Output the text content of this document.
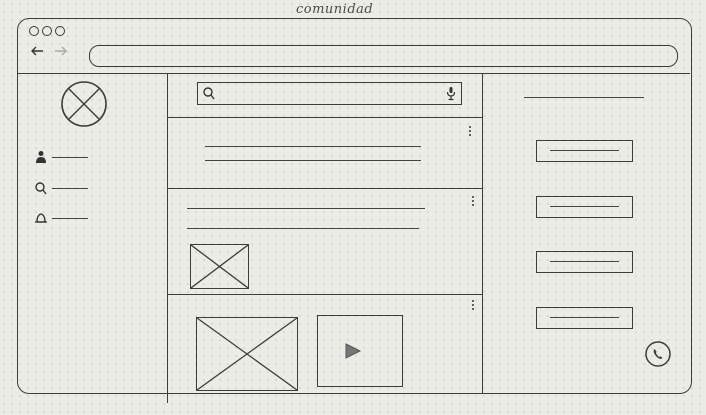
comunidad
